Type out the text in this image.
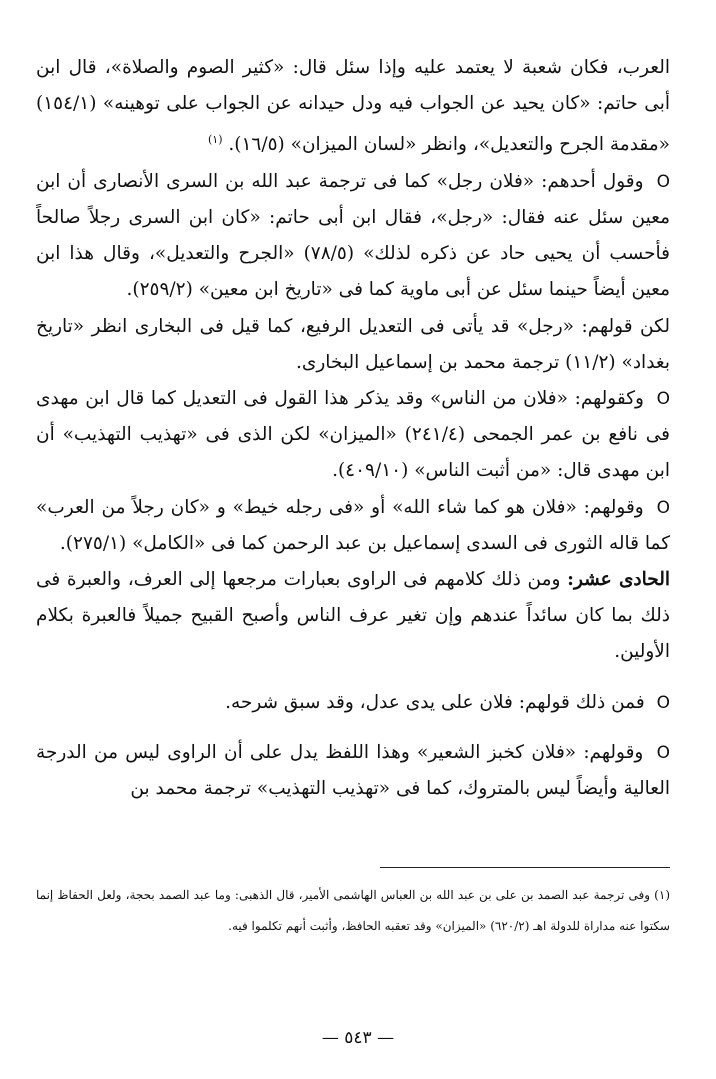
العرب، فكان شعبة لا يعتمد عليه وإذا سئل قال: «كثير الصوم والصلاة»، قال ابن أبى حاتم: «كان يحيد عن الجواب فيه ودل حيدانه عن الجواب على توهينه» (١٥٤/١) «مقدمة الجرح والتعديل»، وانظر «لسان الميزان» (١٦/٥). $^{(١)}$

O وقول أحدهم: «فلان رجل» كما فى ترجمة عبد الله بن السرى الأنصارى أن ابن معين سئل عنه فقال: «رجل»، فقال ابن أبى حاتم: «كان ابن السرى رجلاً صالحاً فأحسب أن يحيى حاد عن ذكره لذلك» (٧٨/٥) «الجرح والتعديل»، وقال هذا ابن معين أيضاً حينما سئل عن أبى ماوية كما فى «تاريخ ابن معين» (٢٥٩/٢).

لكن قولهم: «رجل» قد يأتى فى التعديل الرفيع، كما قيل فى البخارى انظر «تاريخ بغداد» (١١/٢) ترجمة محمد بن إسماعيل البخارى.

O وكقولهم: «فلان من الناس» وقد يذكر هذا القول فى التعديل كما قال ابن مهدى فى نافع بن عمر الجمحى (٢٤١/٤) «الميزان» لكن الذى فى «تهذيب التهذيب» أن ابن مهدى قال: «من أثبت الناس» (٤٠٩/١٠).

O وقولهم: «فلان هو كما شاء الله» أو «فى رجله خيط» و «كان رجلاً من العرب» كما قاله الثورى فى السدى إسماعيل بن عبد الرحمن كما فى «الكامل» (٢٧٥/١).

الحادى عشر: ومن ذلك كلامهم فى الراوى بعبارات مرجعها إلى العرف، والعبرة فى ذلك بما كان سائداً عندهم وإن تغير عرف الناس وأصبح القبيح جميلاً فالعبرة بكلام الأولين.

O فمن ذلك قولهم: فلان على يدى عدل، وقد سبق شرحه.

O وقولهم: «فلان كخبز الشعير» وهذا اللفظ يدل على أن الراوى ليس من الدرجة العالية وأيضاً ليس بالمتروك، كما فى «تهذيب التهذيب» ترجمة محمد بن

(١) وفى ترجمة عبد الصمد بن على بن عبد الله بن العباس الهاشمى الأمير، قال الذهبى: وما عبد الصمد بحجة، ولعل الحفاظ إنما سكتوا عنه مداراة للدولة اهـ (٦٢٠/٢) «الميزان» وقد تعقبه الحافظ، وأثبت أنهم تكلموا فيه.

— ٥٤٣ —
